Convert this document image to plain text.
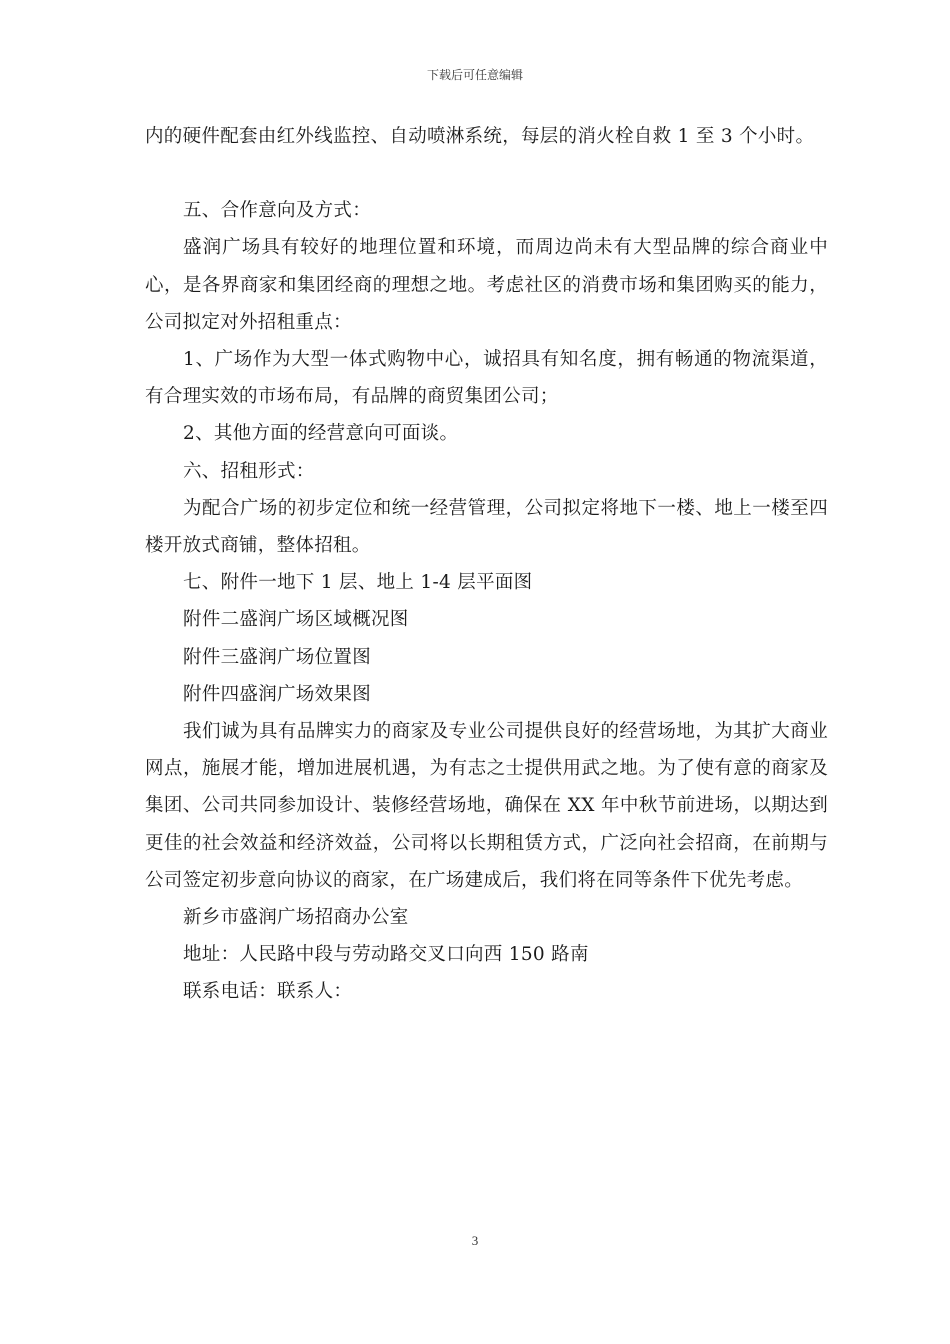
下载后可任意编辑

内的硬件配套由红外线监控、自动喷淋系统，每层的消火栓自救 1 至 3 个小时。

五、合作意向及方式：

盛润广场具有较好的地理位置和环境，而周边尚未有大型品牌的综合商业中心，是各界商家和集团经商的理想之地。考虑社区的消费市场和集团购买的能力，公司拟定对外招租重点：

1、广场作为大型一体式购物中心，诚招具有知名度，拥有畅通的物流渠道，有合理实效的市场布局，有品牌的商贸集团公司；

2、其他方面的经营意向可面谈。

六、招租形式：

为配合广场的初步定位和统一经营管理，公司拟定将地下一楼、地上一楼至四楼开放式商铺，整体招租。

七、附件一地下 1 层、地上 1-4 层平面图

附件二盛润广场区域概况图

附件三盛润广场位置图

附件四盛润广场效果图

我们诚为具有品牌实力的商家及专业公司提供良好的经营场地，为其扩大商业网点，施展才能，增加进展机遇，为有志之士提供用武之地。为了使有意的商家及集团、公司共同参加设计、装修经营场地，确保在 XX 年中秋节前进场，以期达到更佳的社会效益和经济效益，公司将以长期租赁方式，广泛向社会招商，在前期与公司签定初步意向协议的商家，在广场建成后，我们将在同等条件下优先考虑。

新乡市盛润广场招商办公室

地址：人民路中段与劳动路交叉口向西 150 路南

联系电话：联系人：

3
